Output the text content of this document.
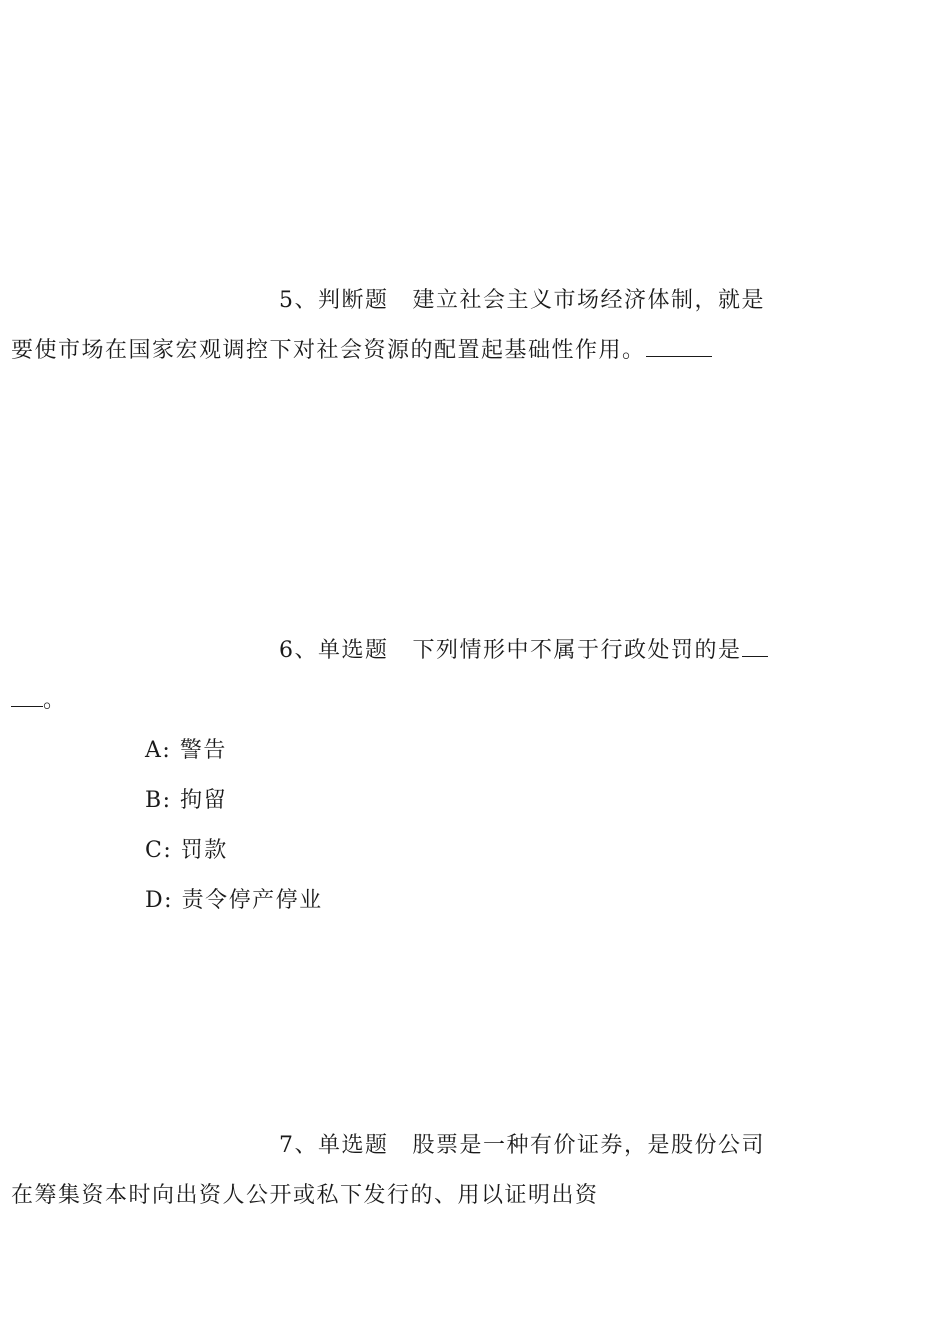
5、判断题 建立社会主义市场经济体制，就是
要使市场在国家宏观调控下对社会资源的配置起基础性作用。

6、单选题 下列情形中不属于行政处罚的是
。

A: 警告
B: 拘留
C: 罚款
D: 责令停产停业

7、单选题 股票是一种有价证券，是股份公司
在筹集资本时向出资人公开或私下发行的、用以证明出资
